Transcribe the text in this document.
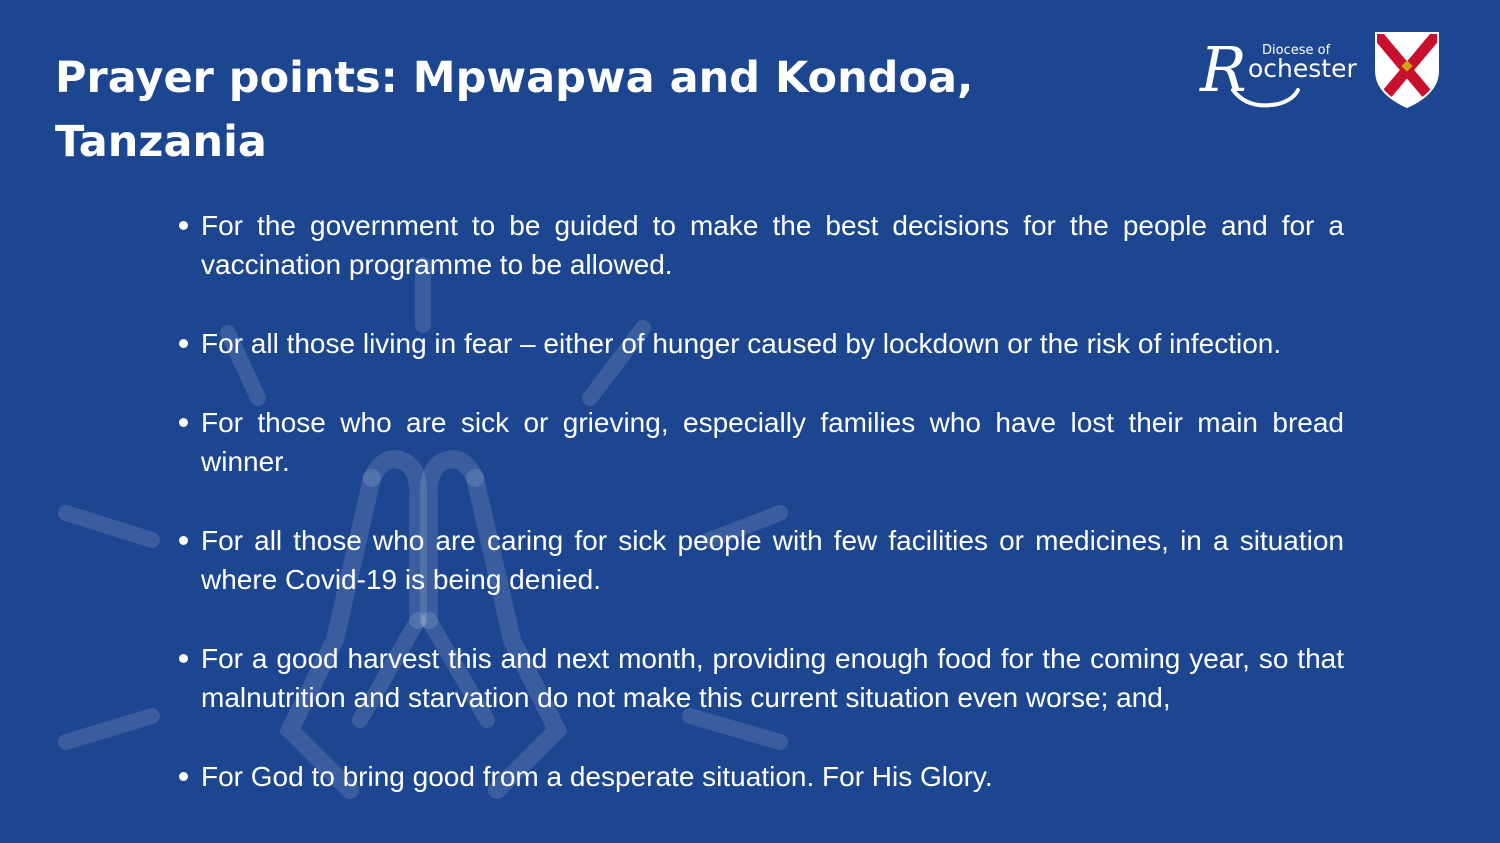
Prayer points: Mpwapwa and Kondoa,
Tanzania
R Diocese of
ochester
For the government to be guided to make the best decisions for the people and for a vaccination programme to be allowed.
For all those living in fear – either of hunger caused by lockdown or the risk of infection.
For those who are sick or grieving, especially families who have lost their main bread winner.
For all those who are caring for sick people with few facilities or medicines, in a situation where Covid-19 is being denied.
For a good harvest this and next month, providing enough food for the coming year, so that malnutrition and starvation do not make this current situation even worse; and,
For God to bring good from a desperate situation. For His Glory.
